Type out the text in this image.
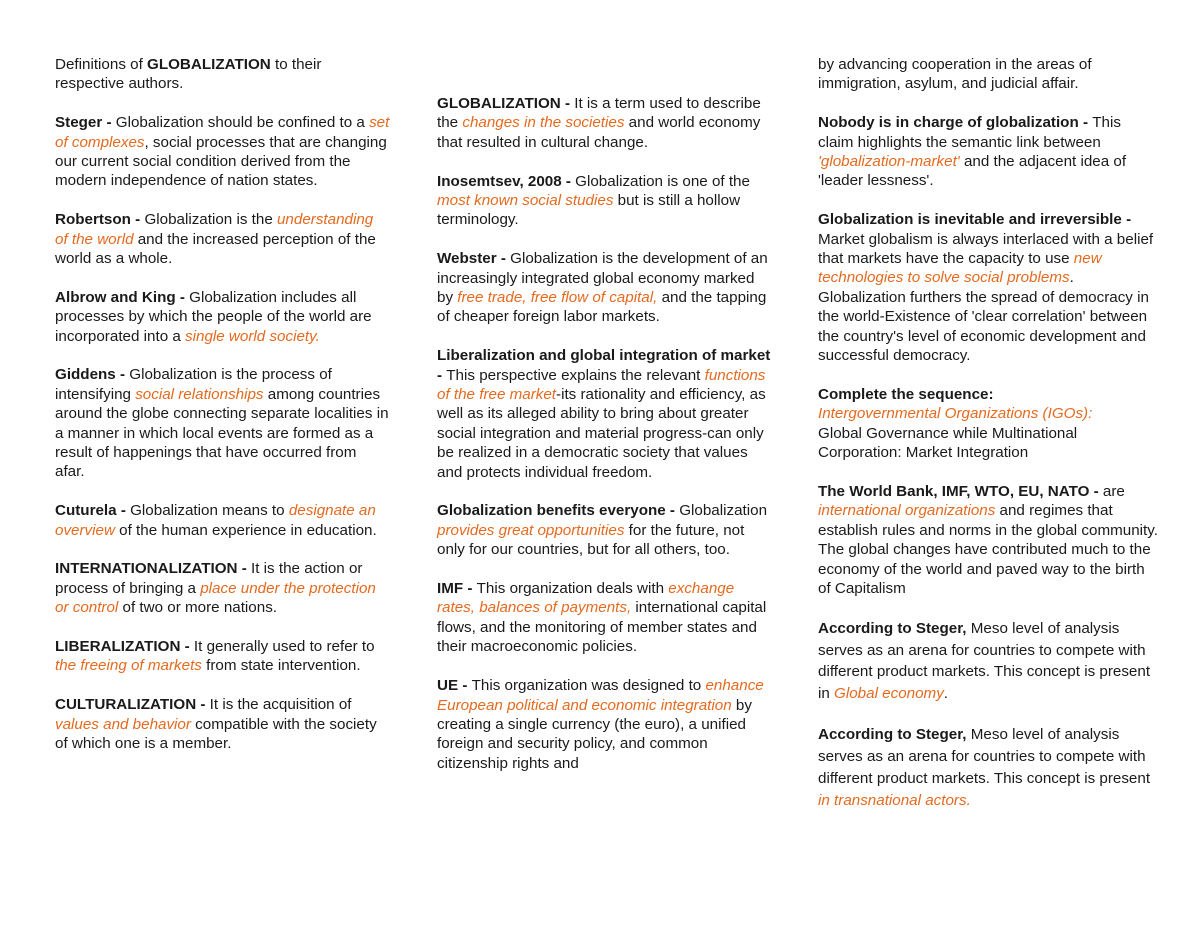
Definitions of GLOBALIZATION to their respective authors.
Steger - Globalization should be confined to a set of complexes, social processes that are changing our current social condition derived from the modern independence of nation states.
Robertson - Globalization is the understanding of the world and the increased perception of the world as a whole.
Albrow and King - Globalization includes all processes by which the people of the world are incorporated into a single world society.
Giddens - Globalization is the process of intensifying social relationships among countries around the globe connecting separate localities in a manner in which local events are formed as a result of happenings that have occurred from afar.
Cuturela - Globalization means to designate an overview of the human experience in education.
INTERNATIONALIZATION - It is the action or process of bringing a place under the protection or control of two or more nations.
LIBERALIZATION - It generally used to refer to the freeing of markets from state intervention.
CULTURALIZATION - It is the acquisition of values and behavior compatible with the society of which one is a member.
GLOBALIZATION - It is a term used to describe the changes in the societies and world economy that resulted in cultural change.
Inosemtsev, 2008 - Globalization is one of the most known social studies but is still a hollow terminology.
Webster - Globalization is the development of an increasingly integrated global economy marked by free trade, free flow of capital, and the tapping of cheaper foreign labor markets.
Liberalization and global integration of market - This perspective explains the relevant functions of the free market-its rationality and efficiency, as well as its alleged ability to bring about greater social integration and material progress-can only be realized in a democratic society that values and protects individual freedom.
Globalization benefits everyone - Globalization provides great opportunities for the future, not only for our countries, but for all others, too.
IMF - This organization deals with exchange rates, balances of payments, international capital flows, and the monitoring of member states and their macroeconomic policies.
UE - This organization was designed to enhance European political and economic integration by creating a single currency (the euro), a unified foreign and security policy, and common citizenship rights and
by advancing cooperation in the areas of immigration, asylum, and judicial affair.
Nobody is in charge of globalization - This claim highlights the semantic link between 'globalization-market' and the adjacent idea of 'leader lessness'.
Globalization is inevitable and irreversible - Market globalism is always interlaced with a belief that markets have the capacity to use new technologies to solve social problems. Globalization furthers the spread of democracy in the world-Existence of 'clear correlation' between the country's level of economic development and successful democracy.
Complete the sequence:
Intergovernmental Organizations (IGOs):
Global Governance while Multinational Corporation: Market Integration
The World Bank, IMF, WTO, EU, NATO - are international organizations and regimes that establish rules and norms in the global community. The global changes have contributed much to the economy of the world and paved way to the birth of Capitalism
According to Steger, Meso level of analysis serves as an arena for countries to compete with different product markets. This concept is present in Global economy.
According to Steger, Meso level of analysis serves as an arena for countries to compete with different product markets. This concept is present in transnational actors.
